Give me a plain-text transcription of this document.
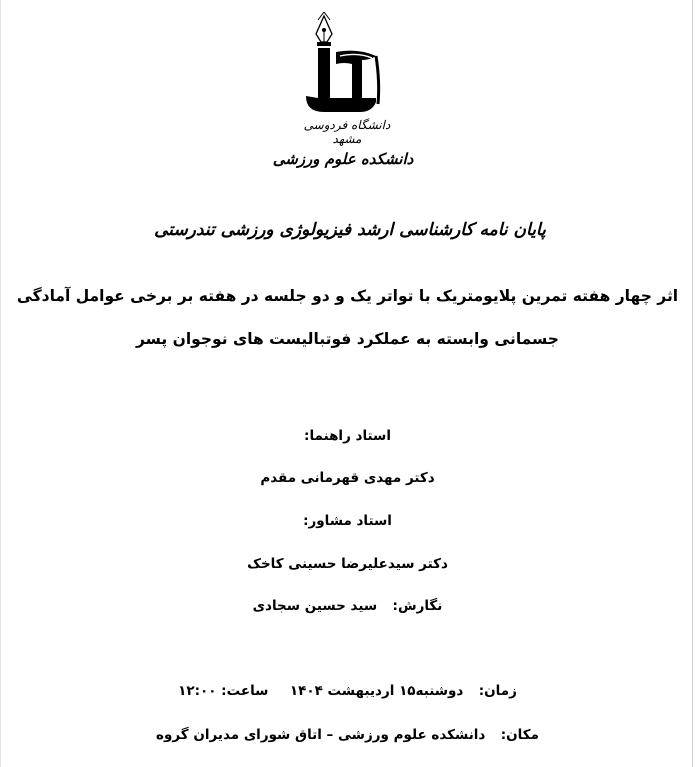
دانشگاه فردوسی مشهد
دانشکده علوم ورزشی
پایان نامه کارشناسی ارشد فیزیولوژی ورزشی تندرستی
اثر چهار هفته تمرین پلایومتریک با تواتر یک و دو جلسه در هفته بر برخی عوامل آمادگی
جسمانی وابسته به عملکرد فوتبالیست های نوجوان پسر
استاد راهنما:
دکتر مهدی قهرمانی مقدم
استاد مشاور:
دکتر سیدعلیرضا حسینی کاخک
نگارش:  سید حسین سجادی
زمان:  دوشنبه۱۵ اردیبهشت ۱۴۰۴  ساعت: ۱۲:۰۰
مکان:  دانشکده علوم ورزشی – اتاق شورای مدیران گروه
